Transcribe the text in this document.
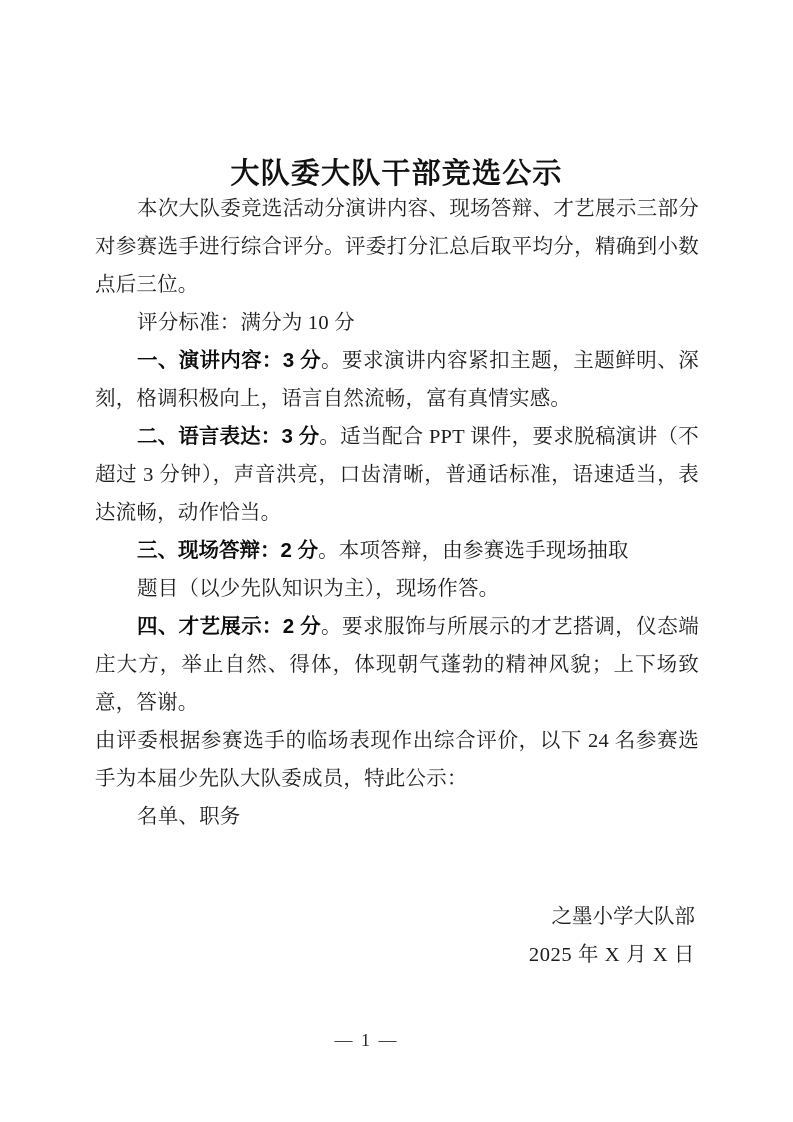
大队委大队干部竞选公示

本次大队委竞选活动分演讲内容、现场答辩、才艺展示三部分对参赛选手进行综合评分。评委打分汇总后取平均分，精确到小数点后三位。

评分标准：满分为 10 分

一、演讲内容：3 分。要求演讲内容紧扣主题，主题鲜明、深刻，格调积极向上，语言自然流畅，富有真情实感。

二、语言表达：3 分。适当配合 PPT 课件，要求脱稿演讲（不超过 3 分钟），声音洪亮，口齿清晰，普通话标准，语速适当，表达流畅，动作恰当。

三、现场答辩：2 分。本项答辩，由参赛选手现场抽取

题目（以少先队知识为主），现场作答。

四、才艺展示：2 分。要求服饰与所展示的才艺搭调，仪态端庄大方，举止自然、得体，体现朝气蓬勃的精神风貌；上下场致意，答谢。

由评委根据参赛选手的临场表现作出综合评价，以下 24 名参赛选手为本届少先队大队委成员，特此公示：

名单、职务

之墨小学大队部
2025 年 X 月 X 日
— 1 —
